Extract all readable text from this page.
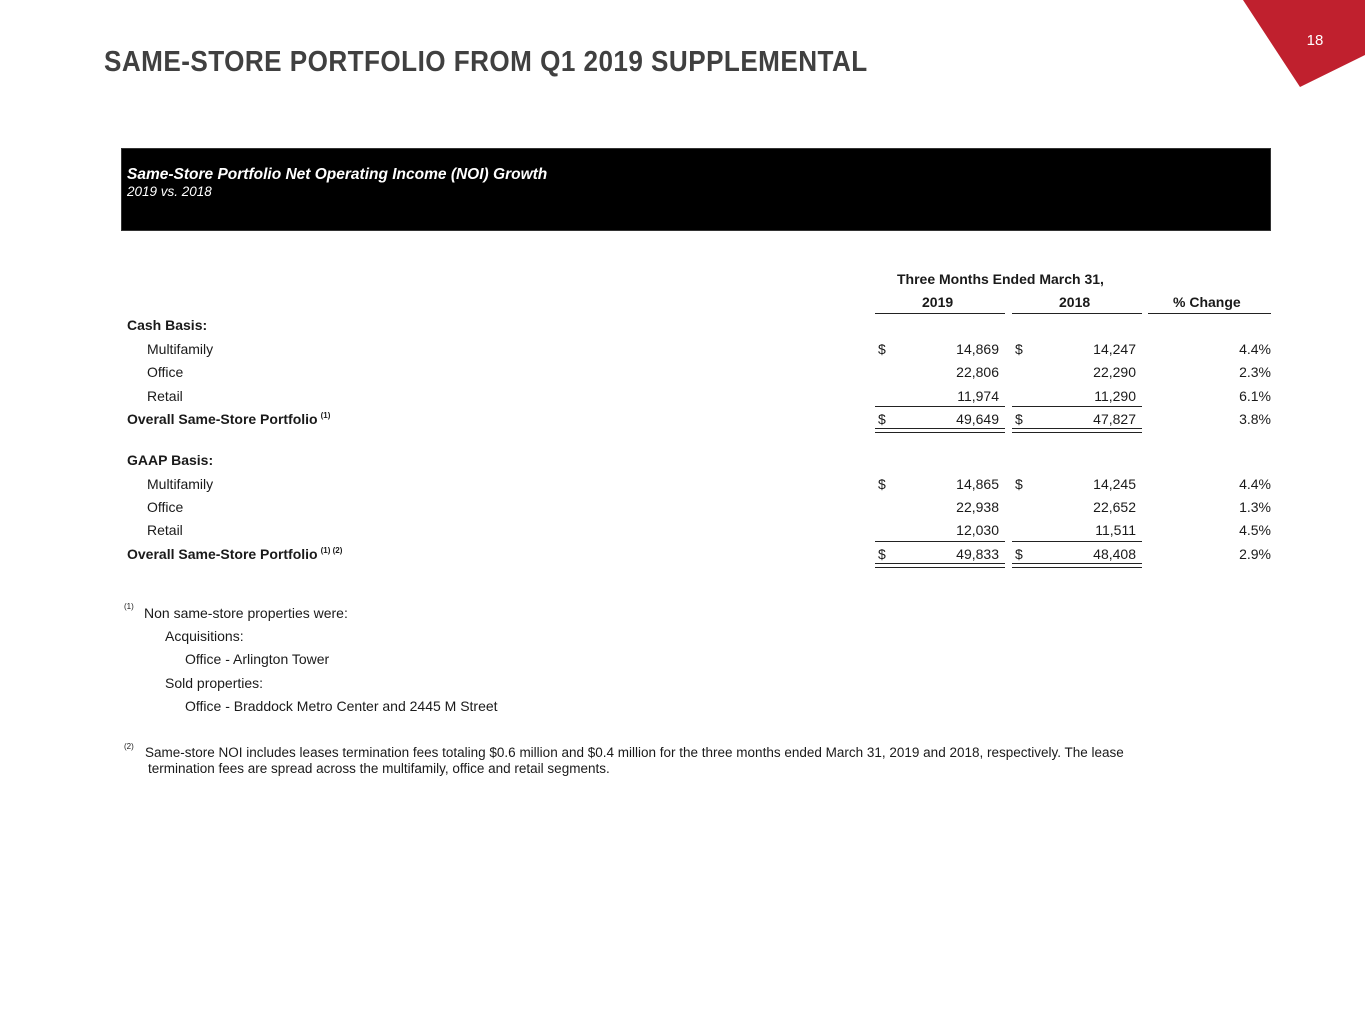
18
SAME-STORE PORTFOLIO FROM Q1 2019 SUPPLEMENTAL
Same-Store Portfolio Net Operating Income (NOI) Growth
2019 vs. 2018
Three Months Ended March 31,
2019	2018	% Change
Cash Basis:
Multifamily	$	14,869 $	14,247	4.4%
Office	22,806	22,290	2.3%
Retail	11,974	11,290	6.1%
Overall Same-Store Portfolio $^{(1)}$	$	49,649 $	47,827	3.8%
GAAP Basis:
Multifamily	$	14,865 $	14,245	4.4%
Office	22,938	22,652	1.3%
Retail	12,030	11,511	4.5%
Overall Same-Store Portfolio $^{(1) (2)}$	$	49,833 $	48,408	2.9%
(1) Non same-store properties were:
Acquisitions:
Office - Arlington Tower
Sold properties:
Office - Braddock Metro Center and 2445 M Street
(2) Same-store NOI includes leases termination fees totaling $0.6 million and $0.4 million for the three months ended March 31, 2019 and 2018, respectively. The lease
termination fees are spread across the multifamily, office and retail segments.
